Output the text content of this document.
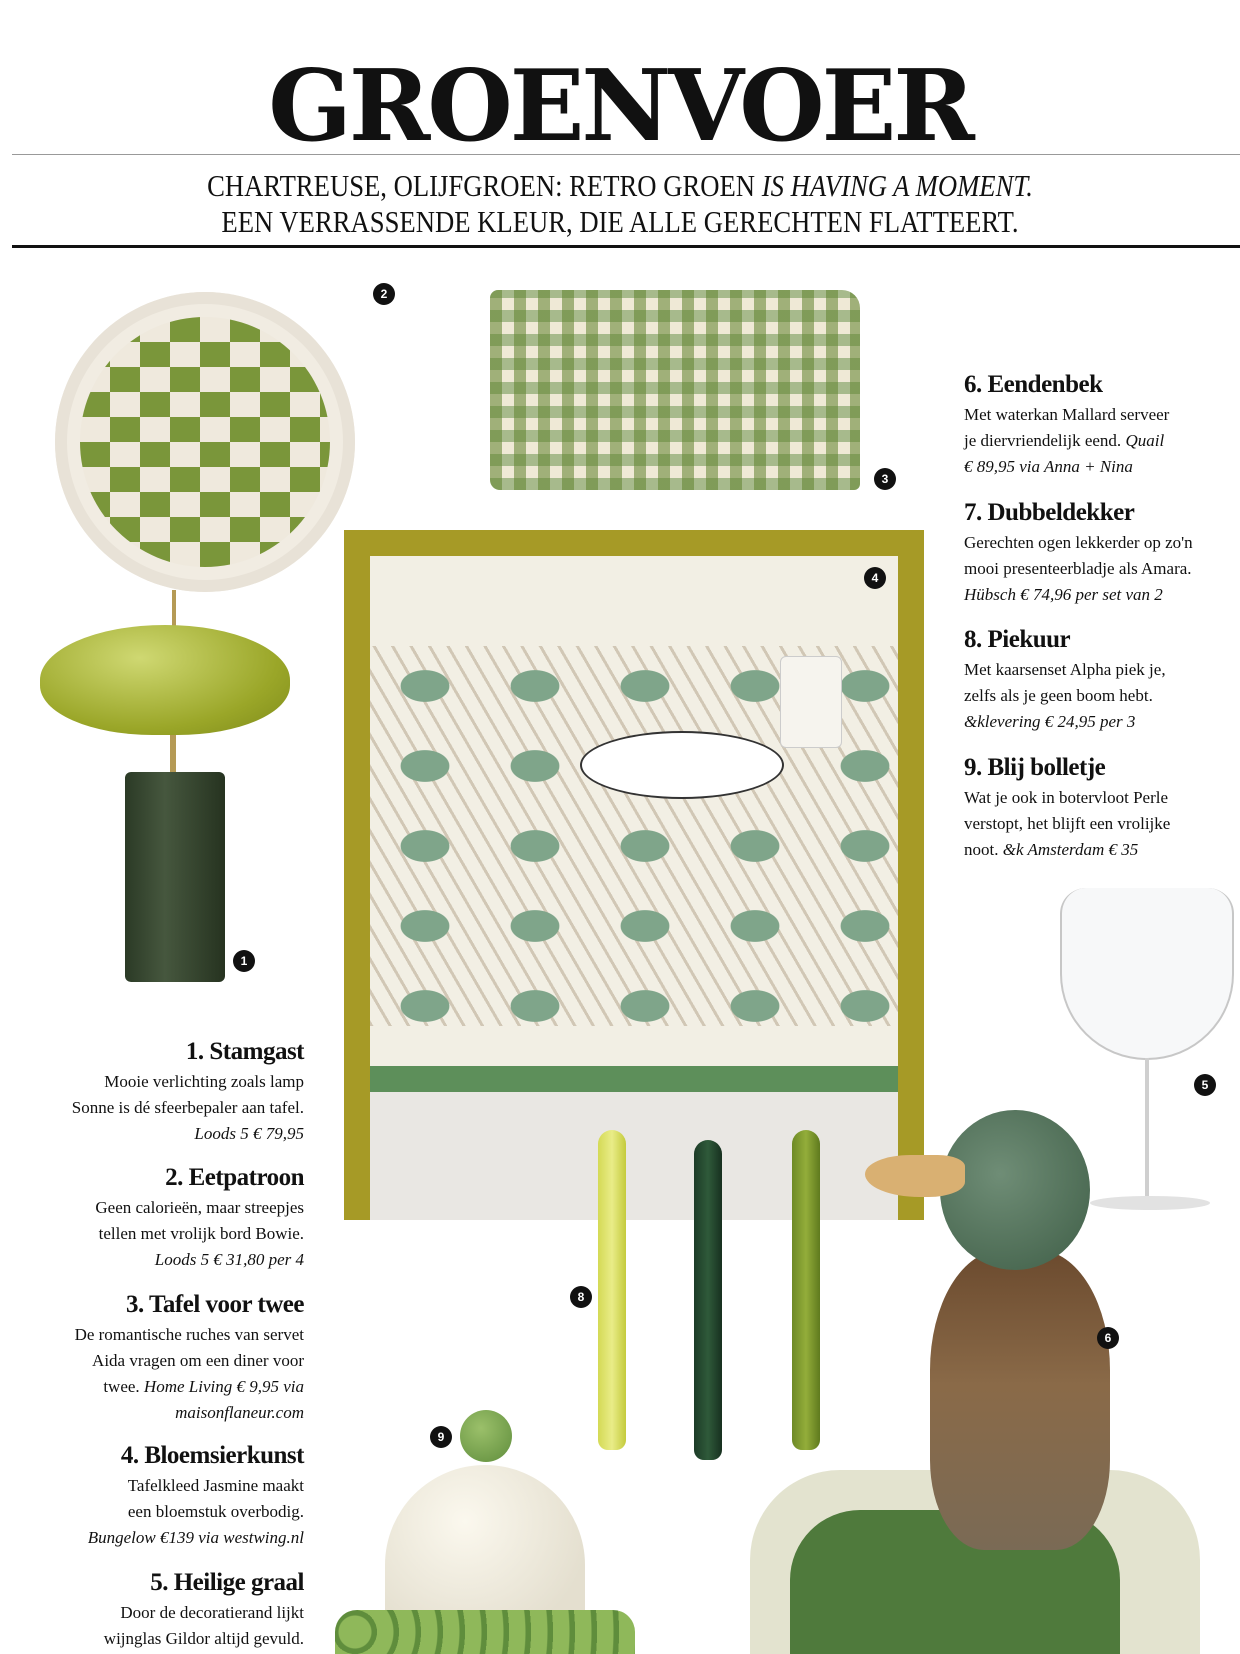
GROENVOER
CHARTREUSE, OLIJFGROEN: RETRO GROEN IS HAVING A MOMENT.
EEN VERRASSENDE KLEUR, DIE ALLE GERECHTEN FLATTEERT.
1
2
3
4
5
6
8
9
1. Stamgast

Mooie verlichting zoals lamp
Sonne is dé sfeerbepaler aan tafel.
Loods 5 € 79,95

2. Eetpatroon

Geen calorieën, maar streepjes
tellen met vrolijk bord Bowie.
Loods 5 € 31,80 per 4

3. Tafel voor twee

De romantische ruches van servet
Aida vragen om een diner voor
twee. Home Living € 9,95 via
maisonflaneur.com

4. Bloemsierkunst

Tafelkleed Jasmine maakt
een bloemstuk overbodig.
Bungelow €139 via westwing.nl

5. Heilige graal

Door de decoratierand lijkt
wijnglas Gildor altijd gevuld.

6. Eendenbek

Met waterkan Mallard serveer
je diervriendelijk eend. Quail
€ 89,95 via Anna + Nina

7. Dubbeldekker

Gerechten ogen lekkerder op zo'n
mooi presenteerbladje als Amara.
Hübsch € 74,96 per set van 2

8. Piekuur

Met kaarsenset Alpha piek je,
zelfs als je geen boom hebt.
&klevering € 24,95 per 3

9. Blij bolletje

Wat je ook in botervloot Perle
verstopt, het blijft een vrolijke
noot. &k Amsterdam € 35
